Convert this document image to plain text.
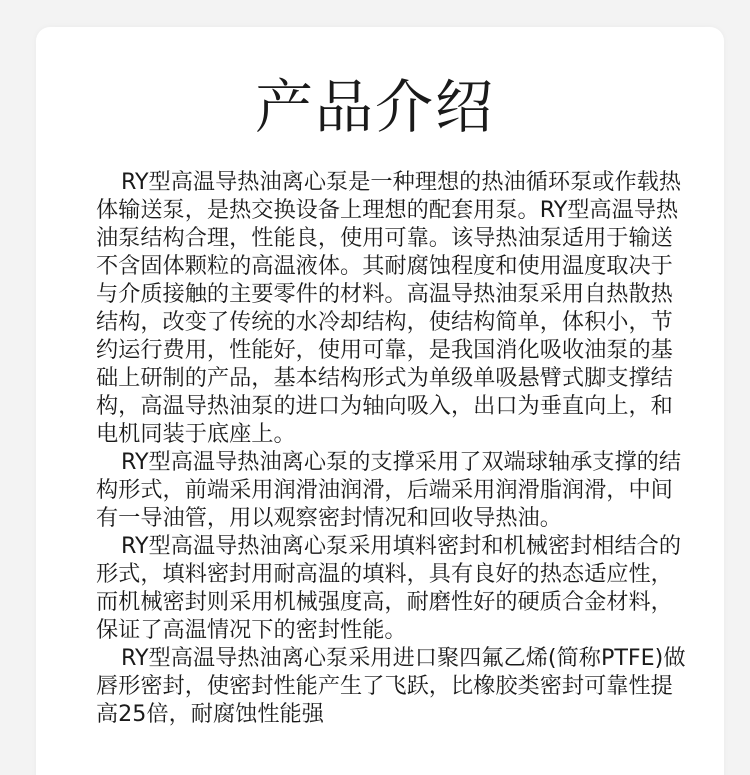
产品介绍

RY型高温导热油离心泵是一种理想的热油循环泵或作载热体输送泵，是热交换设备上理想的配套用泵。RY型高温导热油泵结构合理，性能良，使用可靠。该导热油泵适用于输送不含固体颗粒的高温液体。其耐腐蚀程度和使用温度取决于与介质接触的主要零件的材料。高温导热油泵采用自热散热结构，改变了传统的水冷却结构，使结构简单，体积小，节约运行费用，性能好，使用可靠，是我国消化吸收油泵的基础上研制的产品，基本结构形式为单级单吸悬臂式脚支撑结构，高温导热油泵的进口为轴向吸入，出口为垂直向上，和电机同装于底座上。

RY型高温导热油离心泵的支撑采用了双端球轴承支撑的结构形式，前端采用润滑油润滑，后端采用润滑脂润滑，中间有一导油管，用以观察密封情况和回收导热油。

RY型高温导热油离心泵采用填料密封和机械密封相结合的形式，填料密封用耐高温的填料，具有良好的热态适应性，而机械密封则采用机械强度高，耐磨性好的硬质合金材料，保证了高温情况下的密封性能。

RY型高温导热油离心泵采用进口聚四氟乙烯(简称PTFE)做唇形密封，使密封性能产生了飞跃，比橡胶类密封可靠性提高25倍，耐腐蚀性能强
